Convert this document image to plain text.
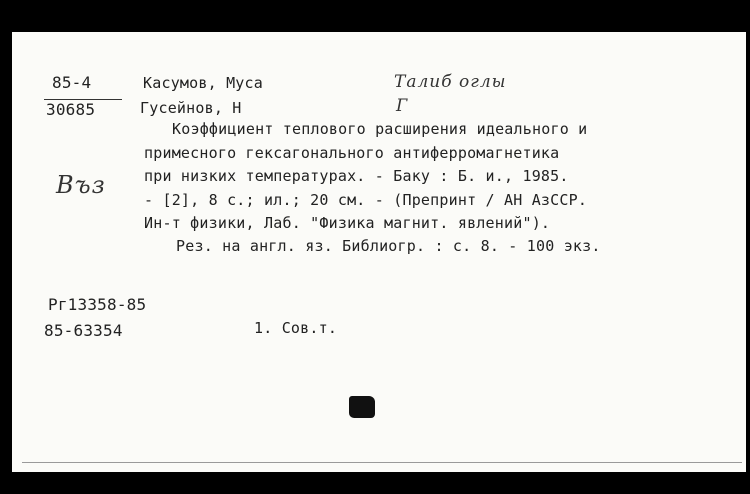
85-4
30685
Касумов, Муса	Талиб оглы
Гусейнов, Н	Г
Въз
Коэффициент теплового расширения идеального и
примесного гексагонального антиферромагнетика
при низких температурах. - Баку : Б. и., 1985.
- [2], 8 с.; ил.; 20 см. - (Препринт / АН АзССР.
Ин-т физики, Лаб. "Физика магнит. явлений").
Рез. на англ. яз. Библиогр. : с. 8. - 100 экз.
Рг13358-85
85-63354	1. Сов.т.
